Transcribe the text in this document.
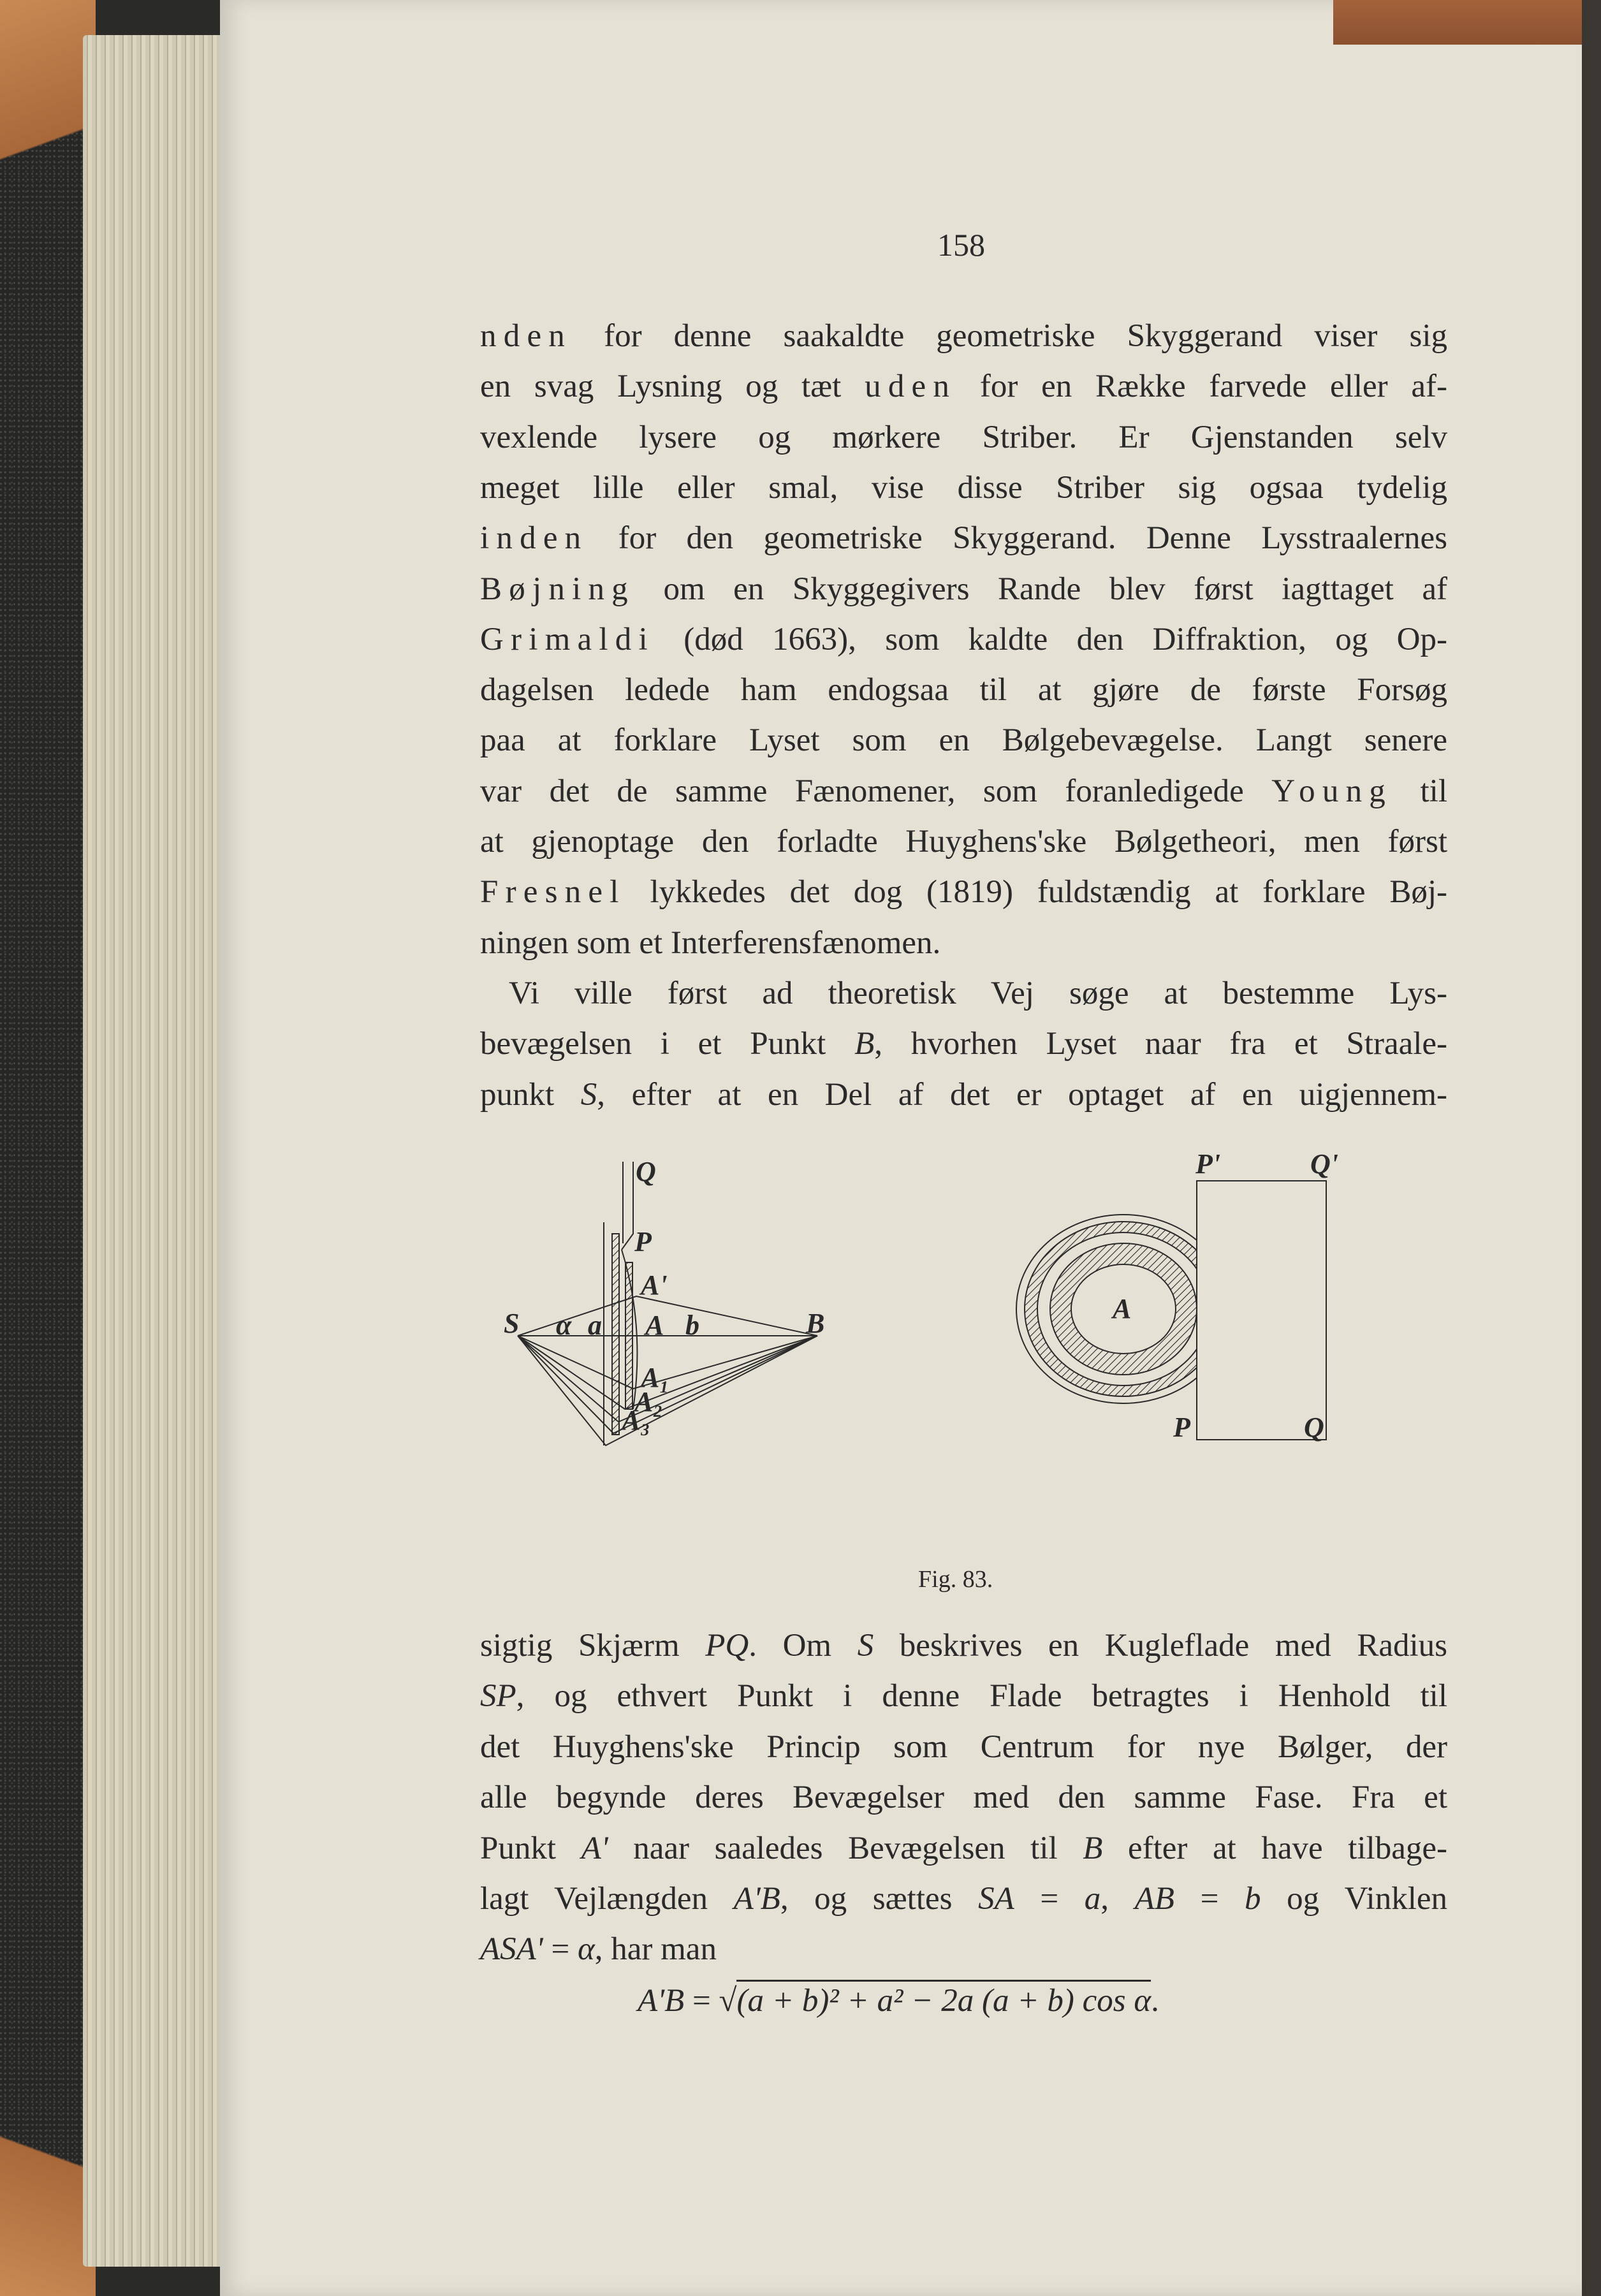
158
nden for denne saakaldte geometriske Skyggerand viser sig
en svag Lysning og tæt uden for en Række farvede eller af-
vexlende lysere og mørkere Striber. Er Gjenstanden selv
meget lille eller smal, vise disse Striber sig ogsaa tydelig
inden for den geometriske Skyggerand. Denne Lysstraalernes
Bøjning om en Skyggegivers Rande blev først iagttaget af
Grimaldi (død 1663), som kaldte den Diffraktion, og Op-
dagelsen ledede ham endogsaa til at gjøre de første Forsøg
paa at forklare Lyset som en Bølgebevægelse. Langt senere
var det de samme Fænomener, som foranledigede Young til
at gjenoptage den forladte Huyghens'ske Bølgetheori, men først
Fresnel lykkedes det dog (1819) fuldstændig at forklare Bøj-
ningen som et Interferensfænomen.
Vi ville først ad theoretisk Vej søge at bestemme Lys-
bevægelsen i et Punkt B, hvorhen Lyset naar fra et Straale-
punkt S, efter at en Del af det er optaget af en uigjennem-
S α a A b	B
P
Q
A'
A₁
A₂
A₃
A
P'	Q'
P	Q
Fig. 83.
sigtig Skjærm PQ. Om S beskrives en Kugleflade med Radius
SP, og ethvert Punkt i denne Flade betragtes i Henhold til
det Huyghens'ske Princip som Centrum for nye Bølger, der
alle begynde deres Bevægelser med den samme Fase. Fra et
Punkt A' naar saaledes Bevægelsen til B efter at have tilbage-
lagt Vejlængden A'B, og sættes SA = a, AB = b og Vinklen
ASA' = α, har man
A'B = √(a + b)² + a² − 2a (a + b) cos α.
